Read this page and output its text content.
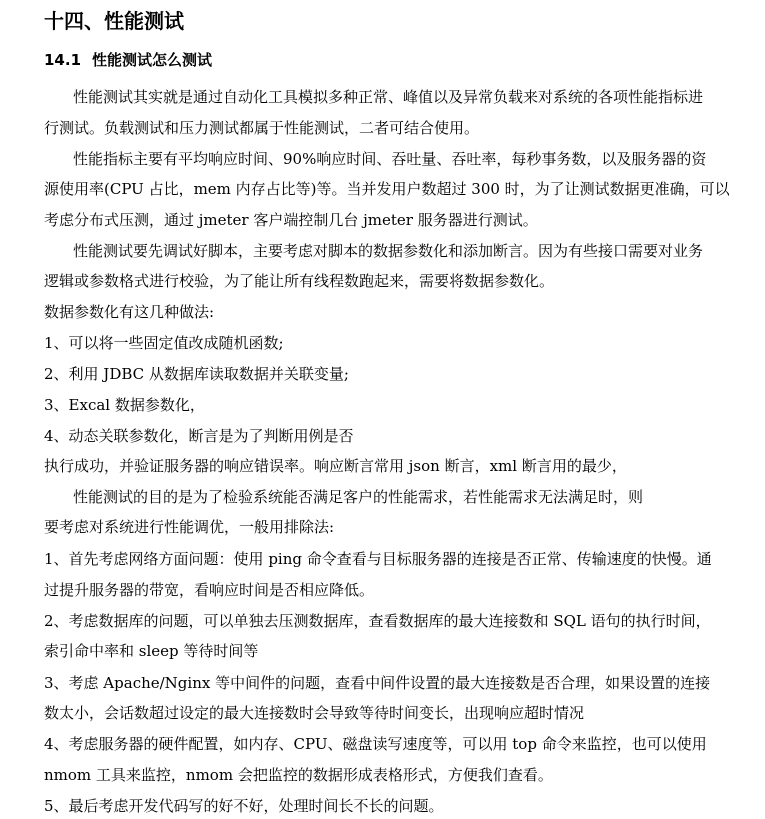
十四、性能测试
14.1 性能测试怎么测试
性能测试其实就是通过自动化工具模拟多种正常、峰值以及异常负载来对系统的各项性能指标进
行测试。负载测试和压力测试都属于性能测试，二者可结合使用。
性能指标主要有平均响应时间、90%响应时间、吞吐量、吞吐率，每秒事务数，以及服务器的资
源使用率(CPU 占比，mem 内存占比等)等。当并发用户数超过 300 时，为了让测试数据更准确，可以
考虑分布式压测，通过 jmeter 客户端控制几台 jmeter 服务器进行测试。
性能测试要先调试好脚本，主要考虑对脚本的数据参数化和添加断言。因为有些接口需要对业务
逻辑或参数格式进行校验，为了能让所有线程数跑起来，需要将数据参数化。
数据参数化有这几种做法:
1、可以将一些固定值改成随机函数;
2、利用 JDBC 从数据库读取数据并关联变量;
3、Excal 数据参数化，
4、动态关联参数化，断言是为了判断用例是否
执行成功，并验证服务器的响应错误率。响应断言常用 json 断言，xml 断言用的最少，
性能测试的目的是为了检验系统能否满足客户的性能需求，若性能需求无法满足时，则
要考虑对系统进行性能调优，一般用排除法:
1、首先考虑网络方面问题：使用 ping 命令查看与目标服务器的连接是否正常、传输速度的快慢。通
过提升服务器的带宽，看响应时间是否相应降低。
2、考虑数据库的问题，可以单独去压测数据库，查看数据库的最大连接数和 SQL 语句的执行时间，
索引命中率和 sleep 等待时间等
3、考虑 Apache/Nginx 等中间件的问题，查看中间件设置的最大连接数是否合理，如果设置的连接
数太小，会话数超过设定的最大连接数时会导致等待时间变长，出现响应超时情况
4、考虑服务器的硬件配置，如内存、CPU、磁盘读写速度等，可以用 top 命令来监控，也可以使用
nmom 工具来监控，nmom 会把监控的数据形成表格形式，方便我们查看。
5、最后考虑开发代码写的好不好，处理时间长不长的问题。
